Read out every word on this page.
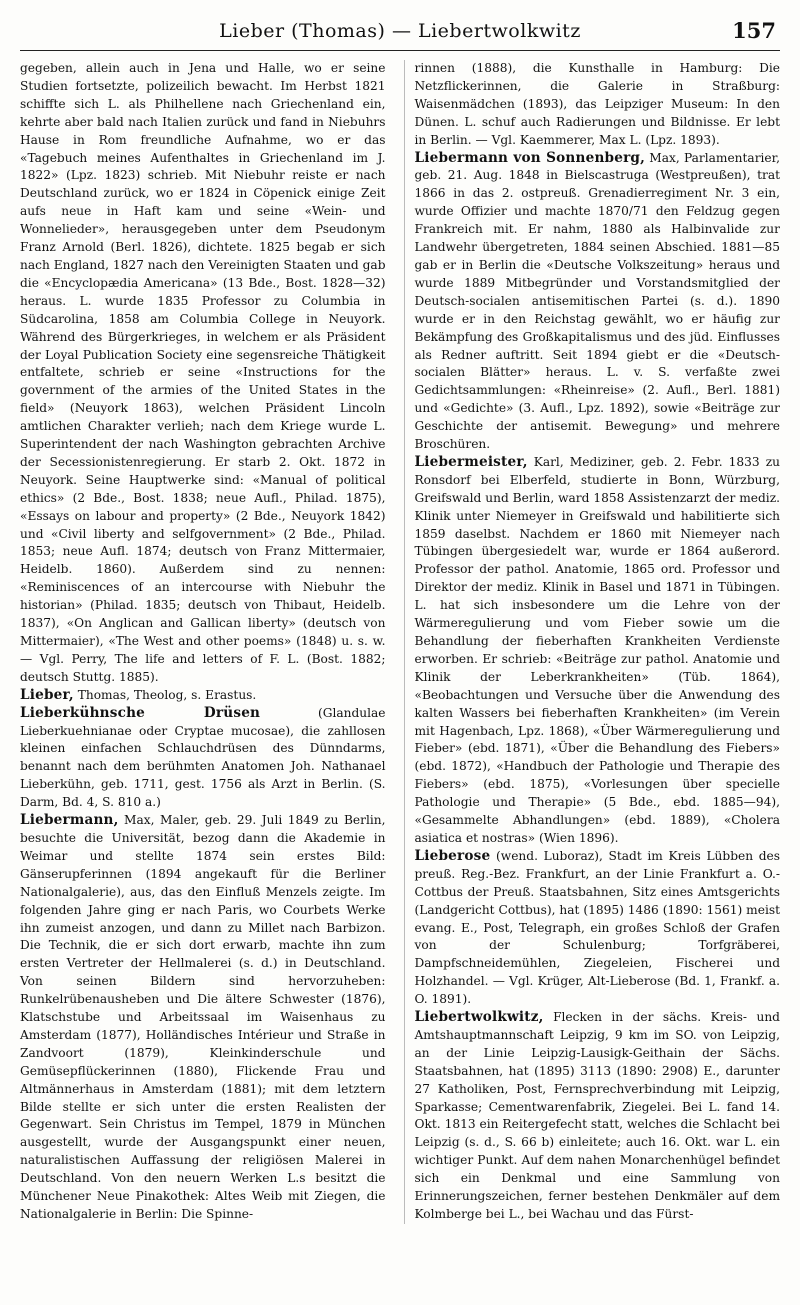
Lieber (Thomas) — Liebertwolkwitz	157

gegeben, allein auch in Jena und Halle, wo er seine Studien fortsetzte, polizeilich bewacht. Im Herbst 1821 schiffte sich L. als Philhellene nach Griechenland ein, kehrte aber bald nach Italien zurück und fand in Niebuhrs Hause in Rom freundliche Aufnahme, wo er das «Tagebuch meines Aufenthaltes in Griechenland im J. 1822» (Lpz. 1823) schrieb. Mit Niebuhr reiste er nach Deutschland zurück, wo er 1824 in Cöpenick einige Zeit aufs neue in Haft kam und seine «Wein- und Wonnelieder», herausgegeben unter dem Pseudonym Franz Arnold (Berl. 1826), dichtete. 1825 begab er sich nach England, 1827 nach den Vereinigten Staaten und gab die «Encyclopædia Americana» (13 Bde., Bost. 1828—32) heraus. L. wurde 1835 Professor zu Columbia in Südcarolina, 1858 am Columbia College in Neuyork. Während des Bürgerkrieges, in welchem er als Präsident der Loyal Publication Society eine segensreiche Thätigkeit entfaltete, schrieb er seine «Instructions for the government of the armies of the United States in the field» (Neuyork 1863), welchen Präsident Lincoln amtlichen Charakter verlieh; nach dem Kriege wurde L. Superintendent der nach Washington gebrachten Archive der Secessionistenregierung. Er starb 2. Okt. 1872 in Neuyork. Seine Hauptwerke sind: «Manual of political ethics» (2 Bde., Bost. 1838; neue Aufl., Philad. 1875), «Essays on labour and property» (2 Bde., Neuyork 1842) und «Civil liberty and selfgovernment» (2 Bde., Philad. 1853; neue Aufl. 1874; deutsch von Franz Mittermaier, Heidelb. 1860). Außerdem sind zu nennen: «Reminiscences of an intercourse with Niebuhr the historian» (Philad. 1835; deutsch von Thibaut, Heidelb. 1837), «On Anglican and Gallican liberty» (deutsch von Mittermaier), «The West and other poems» (1848) u. s. w. — Vgl. Perry, The life and letters of F. L. (Bost. 1882; deutsch Stuttg. 1885).

Lieber, Thomas, Theolog, s. Erastus.

Lieberkühnsche Drüsen (Glandulae Lieberkuehnianae oder Cryptae mucosae), die zahllosen kleinen einfachen Schlauchdrüsen des Dünndarms, benannt nach dem berühmten Anatomen Joh. Nathanael Lieberkühn, geb. 1711, gest. 1756 als Arzt in Berlin. (S. Darm, Bd. 4, S. 810 a.)

Liebermann, Max, Maler, geb. 29. Juli 1849 zu Berlin, besuchte die Universität, bezog dann die Akademie in Weimar und stellte 1874 sein erstes Bild: Gänserupferinnen (1894 angekauft für die Berliner Nationalgalerie), aus, das den Einfluß Menzels zeigte. Im folgenden Jahre ging er nach Paris, wo Courbets Werke ihn zumeist anzogen, und dann zu Millet nach Barbizon. Die Technik, die er sich dort erwarb, machte ihn zum ersten Vertreter der Hellmalerei (s. d.) in Deutschland. Von seinen Bildern sind hervorzuheben: Runkelrübenausheben und Die ältere Schwester (1876), Klatschstube und Arbeitssaal im Waisenhaus zu Amsterdam (1877), Holländisches Intérieur und Straße in Zandvoort (1879), Kleinkinderschule und Gemüsepflückerinnen (1880), Flickende Frau und Altmännerhaus in Amsterdam (1881); mit dem letztern Bilde stellte er sich unter die ersten Realisten der Gegenwart. Sein Christus im Tempel, 1879 in München ausgestellt, wurde der Ausgangspunkt einer neuen, naturalistischen Auffassung der religiösen Malerei in Deutschland. Von den neuern Werken L.s besitzt die Münchener Neue Pinakothek: Altes Weib mit Ziegen, die Nationalgalerie in Berlin: Die Spinne-

rinnen (1888), die Kunsthalle in Hamburg: Die Netzflickerinnen, die Galerie in Straßburg: Waisenmädchen (1893), das Leipziger Museum: In den Dünen. L. schuf auch Radierungen und Bildnisse. Er lebt in Berlin. — Vgl. Kaemmerer, Max L. (Lpz. 1893).

Liebermann von Sonnenberg, Max, Parlamentarier, geb. 21. Aug. 1848 in Bielscastruga (Westpreußen), trat 1866 in das 2. ostpreuß. Grenadierregiment Nr. 3 ein, wurde Offizier und machte 1870/71 den Feldzug gegen Frankreich mit. Er nahm, 1880 als Halbinvalide zur Landwehr übergetreten, 1884 seinen Abschied. 1881—85 gab er in Berlin die «Deutsche Volkszeitung» heraus und wurde 1889 Mitbegründer und Vorstandsmitglied der Deutsch-socialen antisemitischen Partei (s. d.). 1890 wurde er in den Reichstag gewählt, wo er häufig zur Bekämpfung des Großkapitalismus und des jüd. Einflusses als Redner auftritt. Seit 1894 giebt er die «Deutsch-socialen Blätter» heraus. L. v. S. verfaßte zwei Gedichtsammlungen: «Rheinreise» (2. Aufl., Berl. 1881) und «Gedichte» (3. Aufl., Lpz. 1892), sowie «Beiträge zur Geschichte der antisemit. Bewegung» und mehrere Broschüren.

Liebermeister, Karl, Mediziner, geb. 2. Febr. 1833 zu Ronsdorf bei Elberfeld, studierte in Bonn, Würzburg, Greifswald und Berlin, ward 1858 Assistenzarzt der mediz. Klinik unter Niemeyer in Greifswald und habilitierte sich 1859 daselbst. Nachdem er 1860 mit Niemeyer nach Tübingen übergesiedelt war, wurde er 1864 außerord. Professor der pathol. Anatomie, 1865 ord. Professor und Direktor der mediz. Klinik in Basel und 1871 in Tübingen. L. hat sich insbesondere um die Lehre von der Wärmeregulierung und vom Fieber sowie um die Behandlung der fieberhaften Krankheiten Verdienste erworben. Er schrieb: «Beiträge zur pathol. Anatomie und Klinik der Leberkrankheiten» (Tüb. 1864), «Beobachtungen und Versuche über die Anwendung des kalten Wassers bei fieberhaften Krankheiten» (im Verein mit Hagenbach, Lpz. 1868), «Über Wärmeregulierung und Fieber» (ebd. 1871), «Über die Behandlung des Fiebers» (ebd. 1872), «Handbuch der Pathologie und Therapie des Fiebers» (ebd. 1875), «Vorlesungen über specielle Pathologie und Therapie» (5 Bde., ebd. 1885—94), «Gesammelte Abhandlungen» (ebd. 1889), «Cholera asiatica et nostras» (Wien 1896).

Lieberose (wend. Luboraz), Stadt im Kreis Lübben des preuß. Reg.-Bez. Frankfurt, an der Linie Frankfurt a. O.-Cottbus der Preuß. Staatsbahnen, Sitz eines Amtsgerichts (Landgericht Cottbus), hat (1895) 1486 (1890: 1561) meist evang. E., Post, Telegraph, ein großes Schloß der Grafen von der Schulenburg; Torfgräberei, Dampfschneidemühlen, Ziegeleien, Fischerei und Holzhandel. — Vgl. Krüger, Alt-Lieberose (Bd. 1, Frankf. a. O. 1891).

Liebertwolkwitz, Flecken in der sächs. Kreis- und Amtshauptmannschaft Leipzig, 9 km im SO. von Leipzig, an der Linie Leipzig-Lausigk-Geithain der Sächs. Staatsbahnen, hat (1895) 3113 (1890: 2908) E., darunter 27 Katholiken, Post, Fernsprechverbindung mit Leipzig, Sparkasse; Cementwarenfabrik, Ziegelei. Bei L. fand 14. Okt. 1813 ein Reitergefecht statt, welches die Schlacht bei Leipzig (s. d., S. 66 b) einleitete; auch 16. Okt. war L. ein wichtiger Punkt. Auf dem nahen Monarchenhügel befindet sich ein Denkmal und eine Sammlung von Erinnerungszeichen, ferner bestehen Denkmäler auf dem Kolmberge bei L., bei Wachau und das Fürst-
